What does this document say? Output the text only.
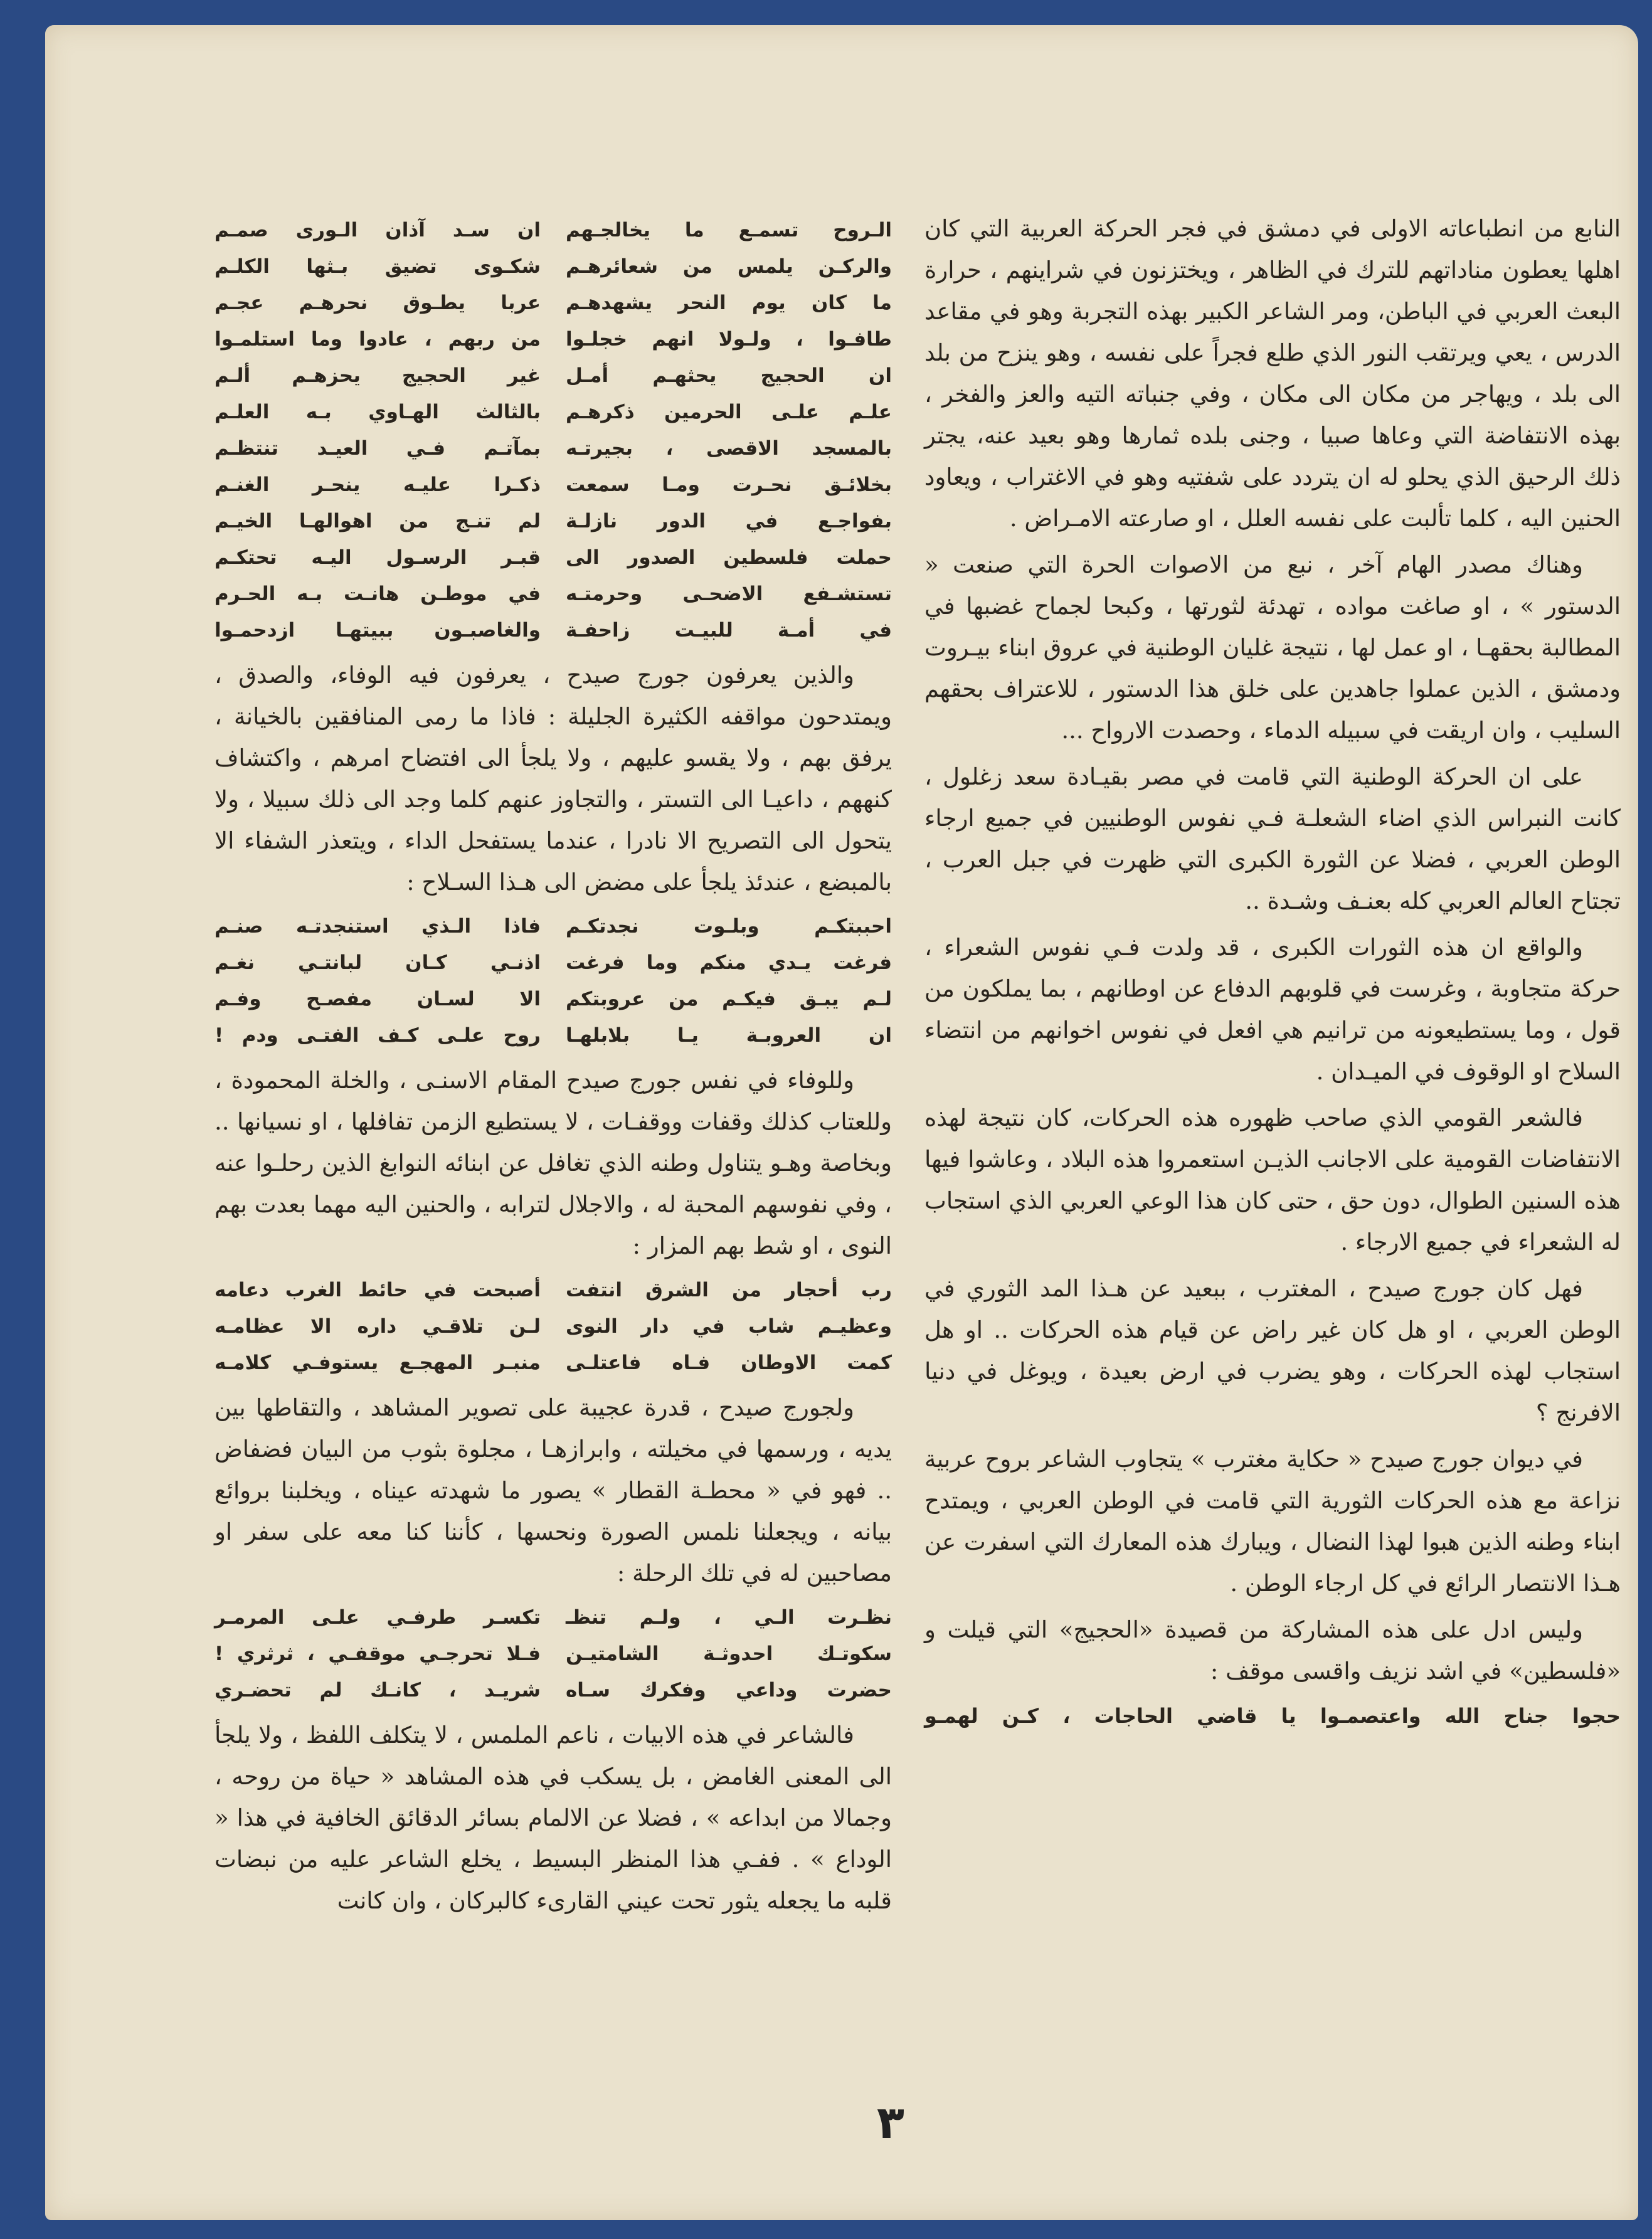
النابع من انطباعاته الاولى في دمشق في فجر الحركة العربية التي كان اهلها يعطون مناداتهم للترك في الظاهر ، ويختزنون في شراينهم ، حرارة البعث العربي في الباطن، ومر الشاعر الكبير بهذه التجربة وهو في مقاعد الدرس ، يعي ويرتقب النور الذي طلع فجراً على نفسه ، وهو ينزح من بلد الى بلد ، ويهاجر من مكان الى مكان ، وفي جنباته التيه والعز والفخر ، بهذه الانتفاضة التي وعاها صبيا ، وجنى بلده ثمارها وهو بعيد عنه، يجتر ذلك الرحيق الذي يحلو له ان يتردد على شفتيه وهو في الاغتراب ، ويعاود الحنين اليه ، كلما تألبت على نفسه العلل ، او صارعته الامـراض .

وهناك مصدر الهام آخر ، نبع من الاصوات الحرة التي صنعت « الدستور » ، او صاغت مواده ، تهدئة لثورتها ، وكبحا لجماح غضبها في المطالبة بحقهـا ، او عمل لها ، نتيجة غليان الوطنية في عروق ابناء بيـروت ودمشق ، الذين عملوا جاهدين على خلق هذا الدستور ، للاعتراف بحقهم السليب ، وان اريقت في سبيله الدماء ، وحصدت الارواح ...

على ان الحركة الوطنية التي قامت في مصر بقيـادة سعد زغلول ، كانت النبراس الذي اضاء الشعلـة فـي نفوس الوطنيين في جميع ارجاء الوطن العربي ، فضلا عن الثورة الكبرى التي ظهرت في جبل العرب ، تجتاح العالم العربي كله بعنـف وشـدة ..

والواقع ان هذه الثورات الكبرى ، قد ولدت فـي نفوس الشعراء ، حركة متجاوبة ، وغرست في قلوبهم الدفاع عن اوطانهم ، بما يملكون من قول ، وما يستطيعونه من ترانيم هي افعل في نفوس اخوانهم من انتضاء السلاح او الوقوف في الميـدان .

فالشعر القومي الذي صاحب ظهوره هذه الحركات، كان نتيجة لهذه الانتفاضات القومية على الاجانب الذيـن استعمروا هذه البلاد ، وعاشوا فيها هذه السنين الطوال، دون حق ، حتى كان هذا الوعي العربي الذي استجاب له الشعراء في جميع الارجاء .

فهل كان جورج صيدح ، المغترب ، ببعيد عن هـذا المد الثوري في الوطن العربي ، او هل كان غير راض عن قيام هذه الحركات .. او هل استجاب لهذه الحركات ، وهو يضرب في ارض بعيدة ، ويوغل في دنيا الافرنج ؟

في ديوان جورج صيدح « حكاية مغترب » يتجاوب الشاعر بروح عربية نزاعة مع هذه الحركات الثورية التي قامت في الوطن العربي ، ويمتدح ابناء وطنه الذين هبوا لهذا النضال ، ويبارك هذه المعارك التي اسفرت عن هـذا الانتصار الرائع في كل ارجاء الوطن .

وليس ادل على هذه المشاركة من قصيدة «الحجيج» التي قيلت و «فلسطين» في اشد نزيف واقسى موقف :

حجوا جناح الله واعتصمـوا يا قاضي الحاجات ، كـن لهمـو
الـروح تسمـع ما يخالجـهم
ان سـد آذان الـورى صمـم
والركـن يلمس من شعائرهـم
شكـوى تضيق بـثها الكلـم
ما كان يوم النحر يشهدهـم
عربا يطـوق نحرهـم عجـم
طافـوا ، ولـولا انهم خجلـوا
من ربهم ، عادوا وما استلمـوا
ان الحجيج يحثهـم أمـل
غير الحجيج يحزهـم ألـم
علـم علـى الحرمين ذكرهـم
بالثالث الهـاوي بـه العلـم
بالمسجد الاقصى ، بجيرتـه
بمآتـم فـي العيـد تنتظـم
بخلائـق نحـرت ومـا سمعت
ذكـرا عليـه ينحـر الغنـم
بفواجـع في الدور نازلـة
لم تنـج من اهوالهـا الخيـم
حملت فلسطين الصدور الى
قبـر الرسـول اليـه تحتكـم
تستشـفع الاضحـى وحرمتـه
في موطـن هانـت بـه الحـرم
في أمـة للبيـت زاحفـة
والغاصبـون ببيتهـا ازدحمـوا

والذين يعرفون جورج صيدح ، يعرفون فيه الوفاء، والصدق ، ويمتدحون مواقفه الكثيرة الجليلة : فاذا ما رمى المنافقين بالخيانة ، يرفق بهم ، ولا يقسو عليهم ، ولا يلجأ الى افتضاح امرهم ، واكتشاف كنههم ، داعيـا الى التستر ، والتجاوز عنهم كلما وجد الى ذلك سبيلا ، ولا يتحول الى التصريح الا نادرا ، عندما يستفحل الداء ، ويتعذر الشفاء الا بالمبضع ، عندئذ يلجأ على مضض الى هـذا السـلاح :

احببتكـم وبلـوت نجدتكـم
فاذا الـذي استنجدتـه صنـم
فرغت يـدي منكم وما فرغت
اذنـي كـان لبانتـي نغـم
لـم يبـق فيكـم من عروبتكم
الا لسـان مفصـح وفـم
ان العروبـة يـا بلابلهـا
روح علـى كـف الفتـى ودم !

وللوفاء في نفس جورج صيدح المقام الاسنـى ، والخلة المحمودة ، وللعتاب كذلك وقفات ووقفـات ، لا يستطيع الزمن تفافلها ، او نسيانها .. وبخاصة وهـو يتناول وطنه الذي تغافل عن ابنائه النوابغ الذين رحلـوا عنه ، وفي نفوسهم المحبة له ، والاجلال لترابه ، والحنين اليه مهما بعدت بهم النوى ، او شط بهم المزار :

رب أحجار من الشرق انتفت
أصبحت في حائط الغرب دعامه
وعظيـم شاب في دار النوى
لـن تلاقـي داره الا عظامـه
كمت الاوطان فـاه فاعتلـى
منبـر المهجـع يستوفـي كلامـه

ولجورج صيدح ، قدرة عجيبة على تصوير المشاهد ، والتقاطها بين يديه ، ورسمها في مخيلته ، وابرازهـا ، مجلوة بثوب من البيان فضفاض .. فهو في « محطـة القطار » يصور ما شهدته عيناه ، ويخلبنا بروائع بيانه ، ويجعلنا نلمس الصورة ونحسها ، كأننا كنا معه على سفر او مصاحبين له في تلك الرحلة :

نظـرت الـي ، ولـم تنظـ
تكسـر طرفـي علـى المرمـر
سكوتـك احدوثـة الشامتيـن
فـلا تحرجـي موقفـي ، ثرثري !
حضرت وداعي وفكرك سـاه
شريـد ، كانـك لم تحضـري

فالشاعر في هذه الابيات ، ناعم الملمس ، لا يتكلف اللفظ ، ولا يلجأ الى المعنى الغامض ، بل يسكب في هذه المشاهد « حياة من روحه ، وجمالا من ابداعه » ، فضلا عن الالمام بسائر الدقائق الخافية في هذا « الوداع » . ففـي هذا المنظر البسيط ، يخلع الشاعر عليه من نبضات قلبه ما يجعله يثور تحت عيني القارىء كالبركان ، وان كانت

٣
